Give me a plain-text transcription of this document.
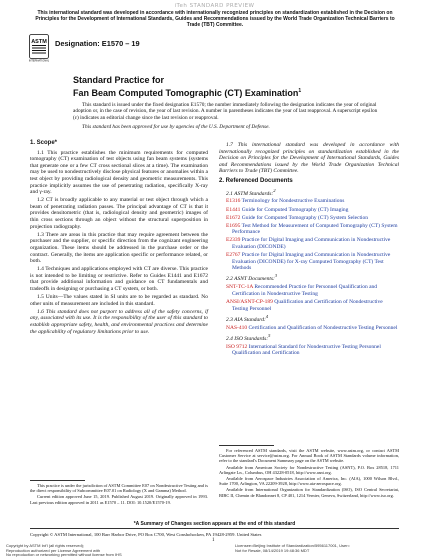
iTeh STANDARD PREVIEW
This international standard was developed in accordance with internationally recognized principles on standardization established in the Decision on Principles for the Development of International Standards, Guides and Recommendations issued by the World Trade Organization Technical Barriers to Trade (TBT) Committee.
ASTM
INTERNATIONAL
Designation: E1570 – 19
Standard Practice for
Fan Beam Computed Tomographic (CT) Examination$^1$

This standard is issued under the fixed designation E1570; the number immediately following the designation indicates the year of original adoption or, in the case of revision, the year of last revision. A number in parentheses indicates the year of last reapproval. A superscript epsilon (ε) indicates an editorial change since the last revision or reapproval.

This standard has been approved for use by agencies of the U.S. Department of Defense.

1. Scope*

1.1 This practice establishes the minimum requirements for computed tomography (CT) examination of test objects using fan beam systems (systems that generate one or a few CT cross sectional slices at a time). The examination may be used to nondestructively disclose physical features or anomalies within a test object by providing radiological density and geometric measurements. This practice implicitly assumes the use of penetrating radiation, specifically X-ray and γ-ray.

1.2 CT is broadly applicable to any material or test object through which a beam of penetrating radiation passes. The principal advantage of CT is that it provides densitometric (that is, radiological density and geometric) images of thin cross sections through an object without the structural superposition in projection radiography.

1.3 There are areas in this practice that may require agreement between the purchaser and the supplier, or specific direction from the cognizant engineering organization. These items should be addressed in the purchase order or the contract. Generally, the items are application specific or performance related, or both.

1.4 Techniques and applications employed with CT are diverse. This practice is not intended to be limiting or restrictive. Refer to Guides E1441 and E1672 that provide additional information and guidance on CT fundamentals and tradeoffs in designing or purchasing a CT system, or both.

1.5 Units—The values stated in SI units are to be regarded as standard. No other units of measurement are included in this standard.

1.6 This standard does not purport to address all of the safety concerns, if any, associated with its use. It is the responsibility of the user of this standard to establish appropriate safety, health, and environmental practices and determine the applicability of regulatory limitations prior to use.

1.7 This international standard was developed in accordance with internationally recognized principles on standardization established in the Decision on Principles for the Development of International Standards, Guides and Recommendations issued by the World Trade Organization Technical Barriers to Trade (TBT) Committee.

2. Referenced Documents
2.1 ASTM Standards:$^2$
E1316 Terminology for Nondestructive Examinations
E1441 Guide for Computed Tomography (CT) Imaging
E1672 Guide for Computed Tomography (CT) System Selection
E1695 Test Method for Measurement of Computed Tomography (CT) System Performance
E2339 Practice for Digital Imaging and Communication in Nondestructive Evaluation (DICONDE)
E2767 Practice for Digital Imaging and Communication in Nondestructive Evaluation (DICONDE) for X-ray Computed Tomography (CT) Test Methods
2.2 ASNT Documents:$^3$
SNT-TC-1A Recommended Practice for Personnel Qualification and Certification in Nondestructive Testing
ANSI/ASNT-CP-189 Qualification and Certification of Nondestructive Testing Personnel
2.3 AIA Standard:$^4$
NAS-410 Certification and Qualification of Nondestructive Testing Personnel
2.4 ISO Standards:$^5$
ISO 9712 International Standard for Nondestructive Testing Personnel Qualification and Certification

This practice is under the jurisdiction of ASTM Committee E07 on Nondestructive Testing and is the direct responsibility of Subcommittee E07.01 on Radiology (X and Gamma) Method.

Current edition approved June 15, 2019. Published August 2019. Originally approved in 1993. Last previous edition approved in 2011 as E1570 – 11. DOI: 10.1520/E1570-19.

For referenced ASTM standards, visit the ASTM website, www.astm.org, or contact ASTM Customer Service at service@astm.org. For Annual Book of ASTM Standards volume information, refer to the standard's Document Summary page on the ASTM website.

Available from American Society for Nondestructive Testing (ASNT), P.O. Box 28518, 1711 Arlingate Ln., Columbus, OH 43228-0518, http://www.asnt.org.

Available from Aerospace Industries Association of America, Inc. (AIA), 1000 Wilson Blvd., Suite 1700, Arlington, VA 22209-3928, http://www.aia-aerospace.org.

Available from International Organization for Standardization (ISO), ISO Central Secretariat, BIBC II, Chemin de Blandonnet 8, CP 401, 1214 Vernier, Geneva, Switzerland, http://www.iso.org.

*A Summary of Changes section appears at the end of this standard
Copyright © ASTM International, 100 Barr Harbor Drive, PO Box C700, West Conshohocken, PA 19428-2959. United States
1
Copyright by ASTM Int'l (all rights reserved);
Reproduction authorized per License Agreement with
No reproduction or networking permitted without license from IHS
Licensee=Beijing Institute of Standardization/5956117001, User=
Not for Resale, 08/14/2019 19:48:36 MDT
